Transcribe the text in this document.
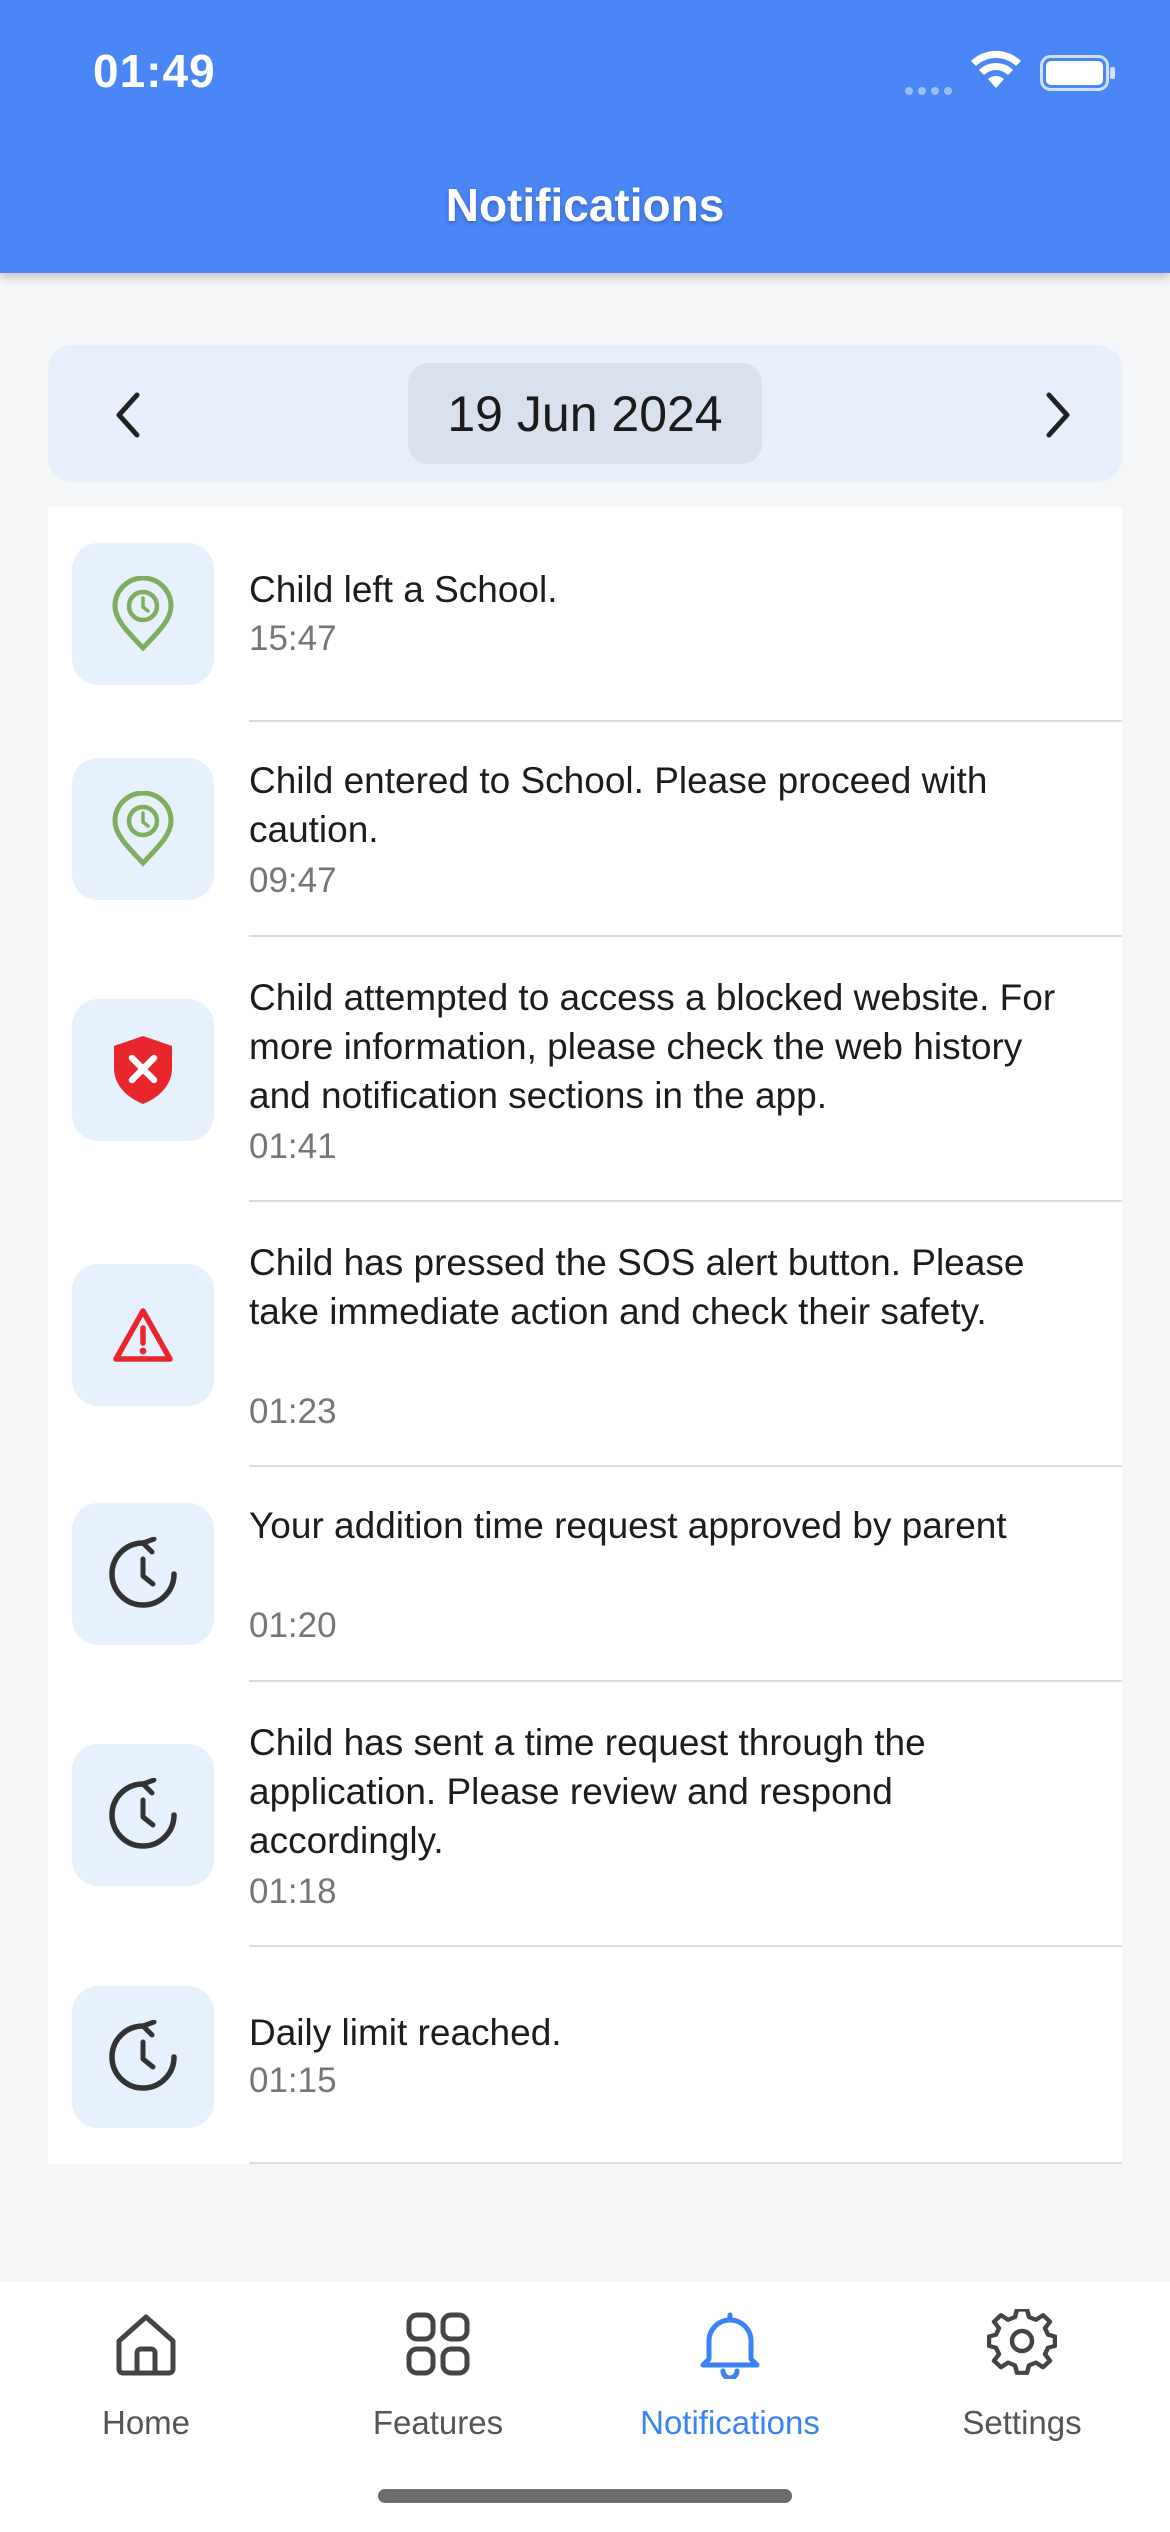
01:49
Notifications
19 Jun 2024
Child left a School.
15:47
Child entered to School. Please proceed with caution.
09:47
Child attempted to access a blocked website. For more information, please check the web history and notification sections in the app.
01:41
Child has pressed the SOS alert button. Please take immediate action and check their safety.
01:23
Your addition time request approved by parent
01:20
Child has sent a time request through the application. Please review and respond accordingly.
01:18
Daily limit reached.
01:15
Home	Features	Notifications	Settings
